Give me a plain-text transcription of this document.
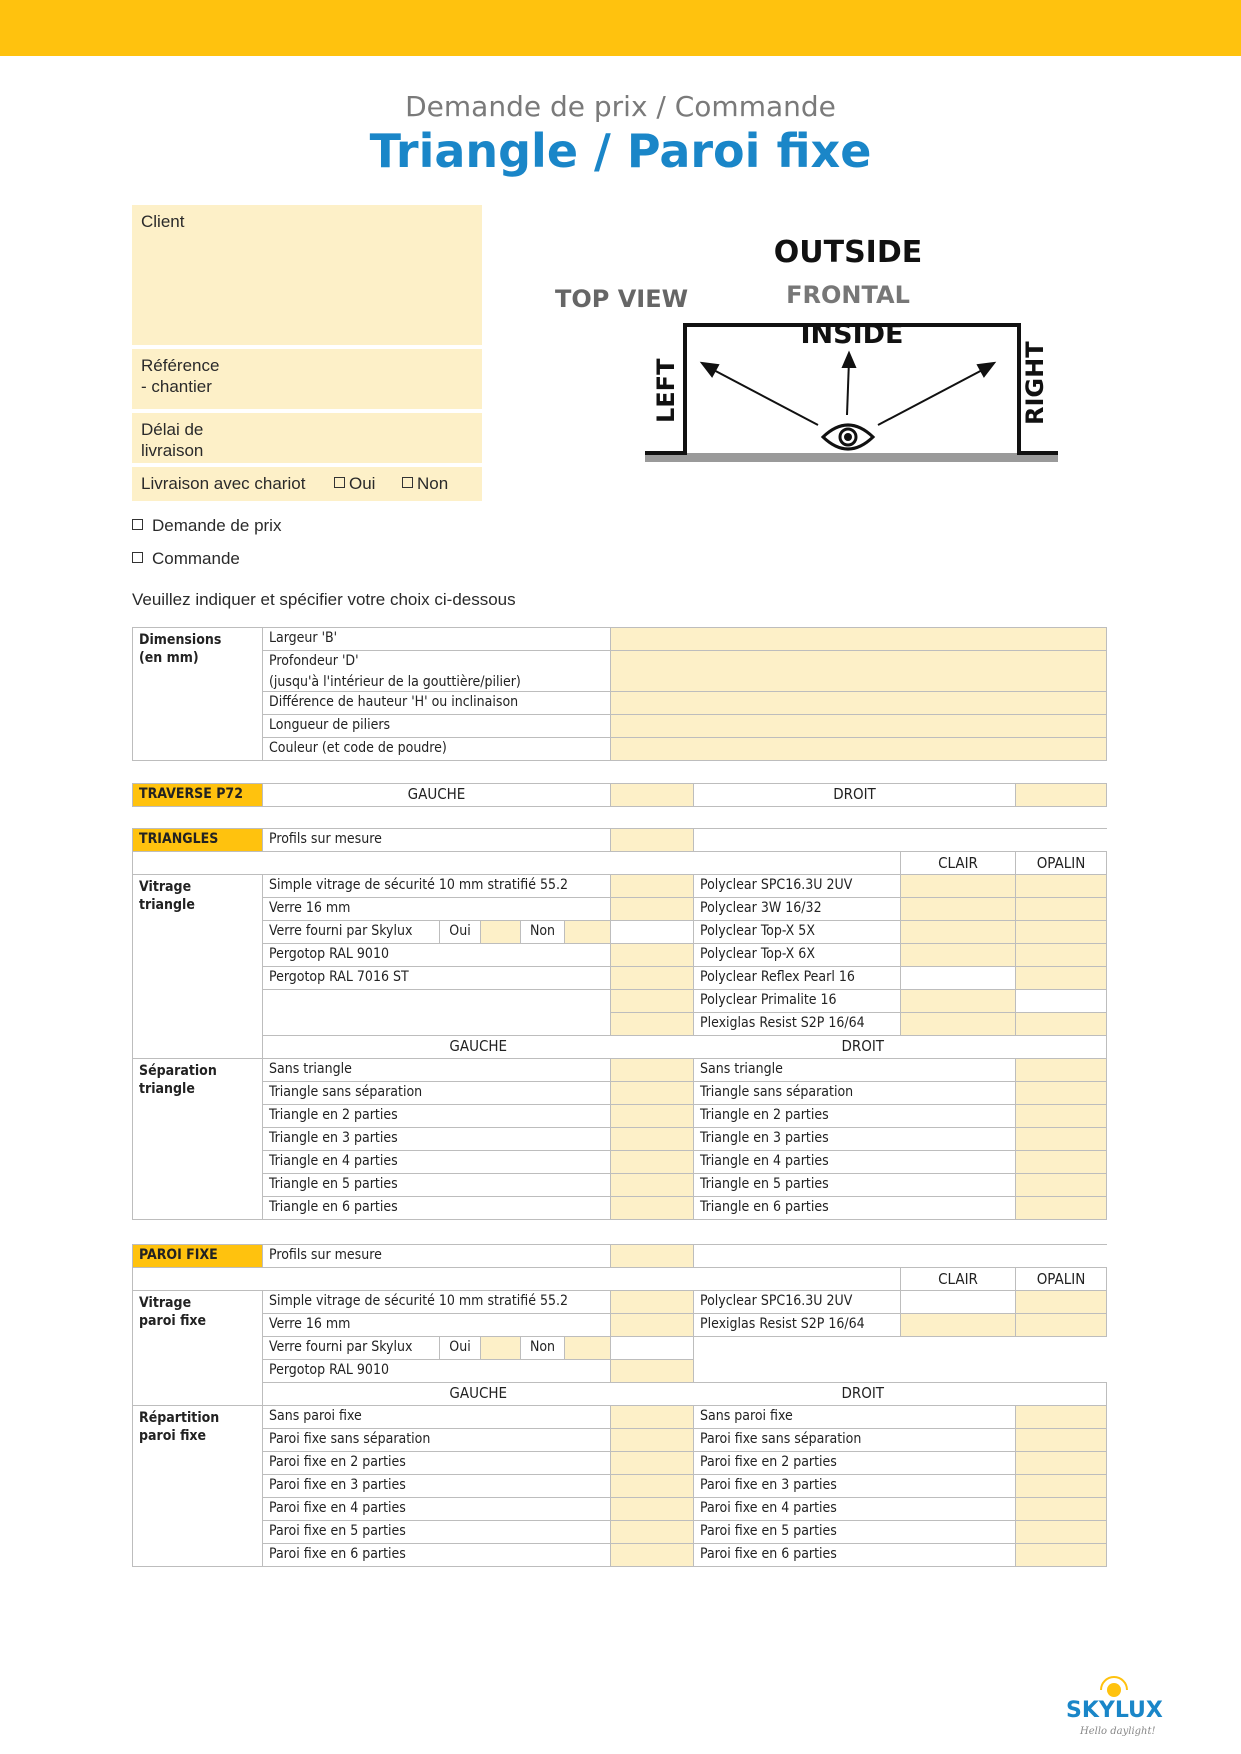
Demande de prix / Commande
Triangle / Paroi fixe
Client
Référence
- chantier
Délai de
livraison
Livraison avec chariot	Oui	Non
Demande de prix
Commande
Veuillez indiquer et spécifier votre choix ci-dessous
TOP VIEW
OUTSIDE
FRONTAL
INSIDE
LEFT	RIGHT
Dimensions
(en mm)	Largeur 'B'	
	Profondeur 'D'	
	(jusqu'à l'intérieur de la gouttière/pilier)	
	Différence de hauteur 'H' ou inclinaison	
	Longueur de piliers	
	Couleur (et code de poudre)	
TRAVERSE P72	GAUCHE		DROIT	
TRIANGLES	Profils sur mesure								
								CLAIR	OPALIN
Vitrage
triangle	Simple vitrage de sécurité 10 mm stratifié 55.2						Polyclear SPC16.3U 2UV		
	Verre 16 mm						Polyclear 3W 16/32		
	Verre fourni par Skylux	Oui		Non			Polyclear Top-X 5X		
	Pergotop RAL 9010						Polyclear Top-X 6X		
	Pergotop RAL 7016 ST						Polyclear Reflex Pearl 16		
							Polyclear Primalite 16		
							Plexiglas Resist S2P 16/64		
	GAUCHE						DROIT		
Séparation
triangle	Sans triangle						Sans triangle		
	Triangle sans séparation						Triangle sans séparation		
	Triangle en 2 parties						Triangle en 2 parties		
	Triangle en 3 parties						Triangle en 3 parties		
	Triangle en 4 parties						Triangle en 4 parties		
	Triangle en 5 parties						Triangle en 5 parties		
	Triangle en 6 parties						Triangle en 6 parties		
PAROI FIXE	Profils sur mesure								
								CLAIR	OPALIN
Vitrage
paroi fixe	Simple vitrage de sécurité 10 mm stratifié 55.2						Polyclear SPC16.3U 2UV		
	Verre 16 mm						Plexiglas Resist S2P 16/64		
	Verre fourni par Skylux	Oui		Non					
	Pergotop RAL 9010								
	GAUCHE						DROIT		
Répartition
paroi fixe	Sans paroi fixe						Sans paroi fixe		
	Paroi fixe sans séparation						Paroi fixe sans séparation		
	Paroi fixe en 2 parties						Paroi fixe en 2 parties		
	Paroi fixe en 3 parties						Paroi fixe en 3 parties		
	Paroi fixe en 4 parties						Paroi fixe en 4 parties		
	Paroi fixe en 5 parties						Paroi fixe en 5 parties		
	Paroi fixe en 6 parties						Paroi fixe en 6 parties		
SKYLUX
Hello daylight!
